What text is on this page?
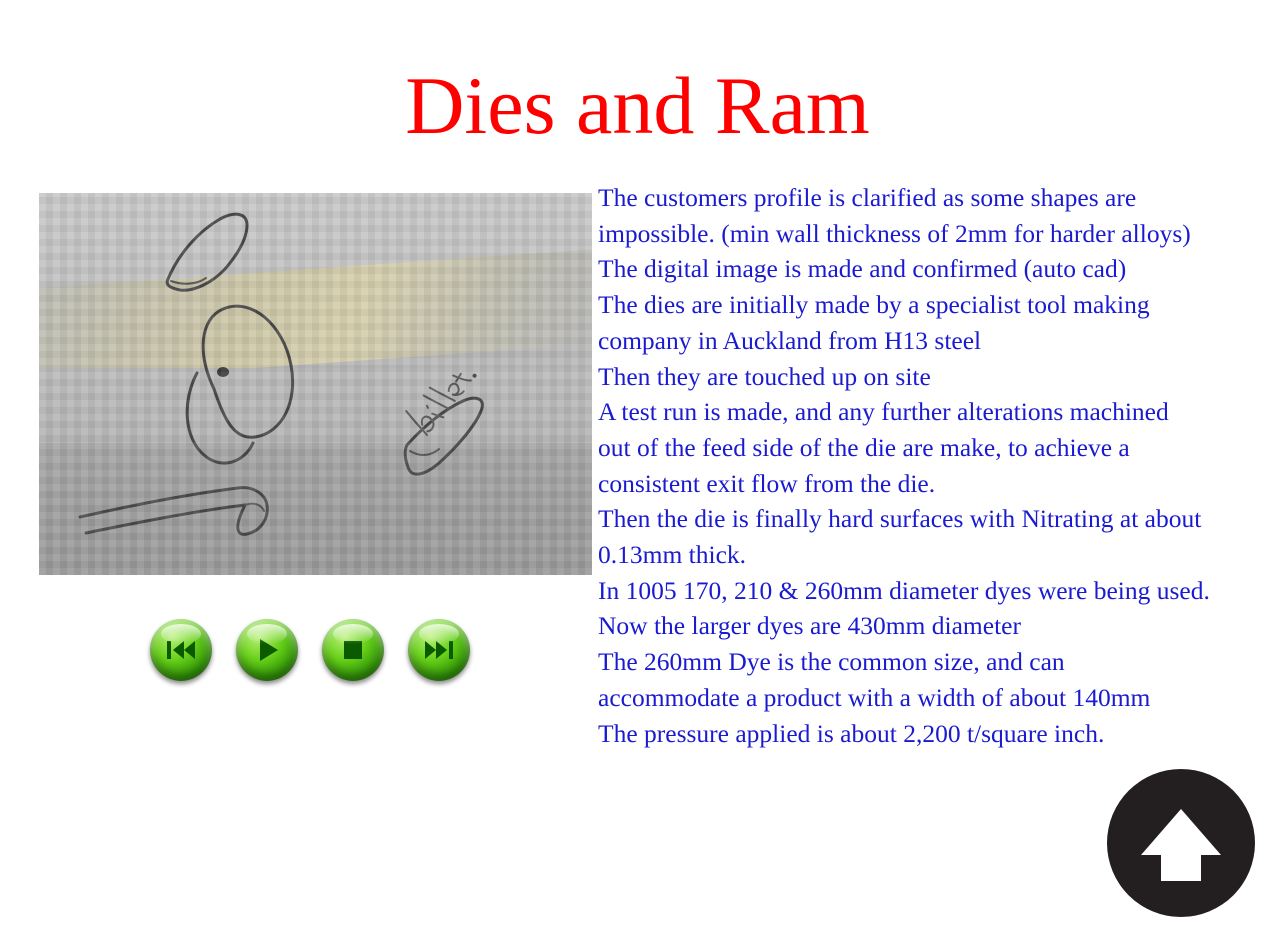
Dies and Ram

The customers profile is clarified as some shapes are

impossible. (min wall thickness of 2mm for harder alloys)

The digital image is made and confirmed (auto cad)

The dies are initially made by a specialist tool making

company in Auckland from H13 steel

Then they are touched up on site

A test run is made, and any further alterations machined

out of the feed side of the die are make, to achieve a

consistent exit flow from the die.

Then the die is finally hard surfaces with Nitrating at about

0.13mm thick.

In 1005 170, 210 & 260mm diameter dyes were being used.

Now the larger dyes are 430mm diameter

The 260mm Dye is the common size, and can

accommodate a product with a width of about 140mm

The pressure applied is about 2,200 t/square inch.
